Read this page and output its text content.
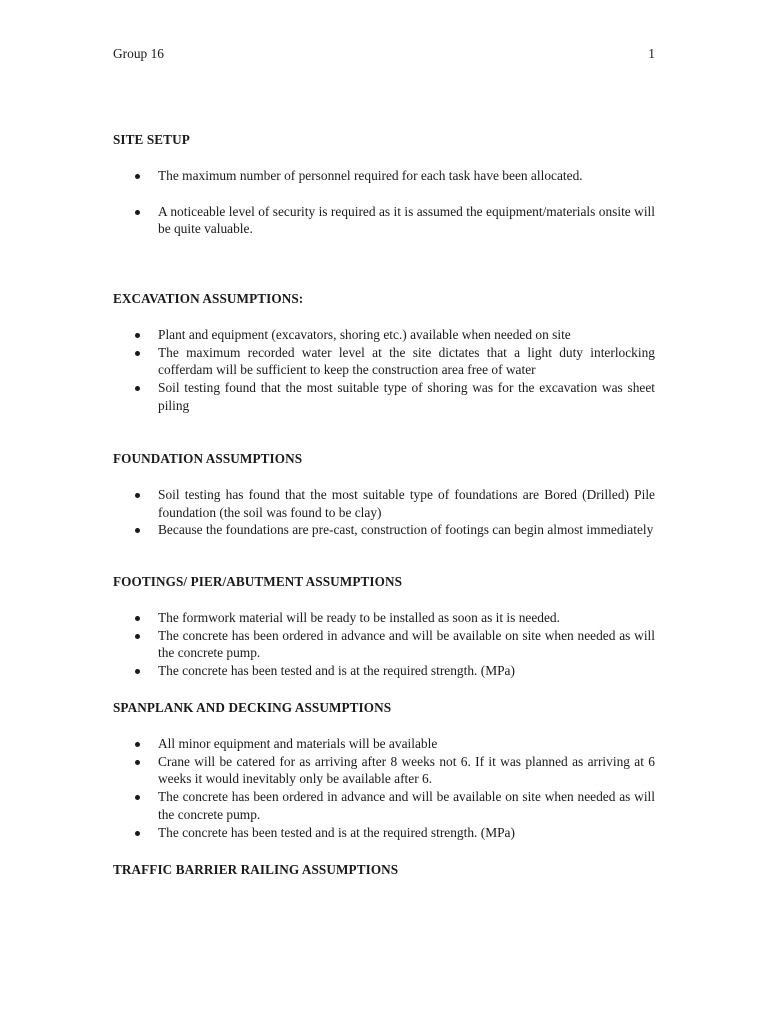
Group 16	1
SITE SETUP
The maximum number of personnel required for each task have been allocated.
A noticeable level of security is required as it is assumed the equipment/materials onsite will be quite valuable.
EXCAVATION ASSUMPTIONS:
Plant and equipment (excavators, shoring etc.) available when needed on site
The maximum recorded water level at the site dictates that a light duty interlocking cofferdam will be sufficient to keep the construction area free of water
Soil testing found that the most suitable type of shoring was for the excavation was sheet piling
FOUNDATION ASSUMPTIONS
Soil testing has found that the most suitable type of foundations are Bored (Drilled) Pile foundation (the soil was found to be clay)
Because the foundations are pre-cast, construction of footings can begin almost immediately
FOOTINGS/ PIER/ABUTMENT ASSUMPTIONS
The formwork material will be ready to be installed as soon as it is needed.
The concrete has been ordered in advance and will be available on site when needed as will the concrete pump.
The concrete has been tested and is at the required strength. (MPa)
SPANPLANK AND DECKING ASSUMPTIONS
All minor equipment and materials will be available
Crane will be catered for as arriving after 8 weeks not 6. If it was planned as arriving at 6 weeks it would inevitably only be available after 6.
The concrete has been ordered in advance and will be available on site when needed as will the concrete pump.
The concrete has been tested and is at the required strength. (MPa)
TRAFFIC BARRIER RAILING ASSUMPTIONS
